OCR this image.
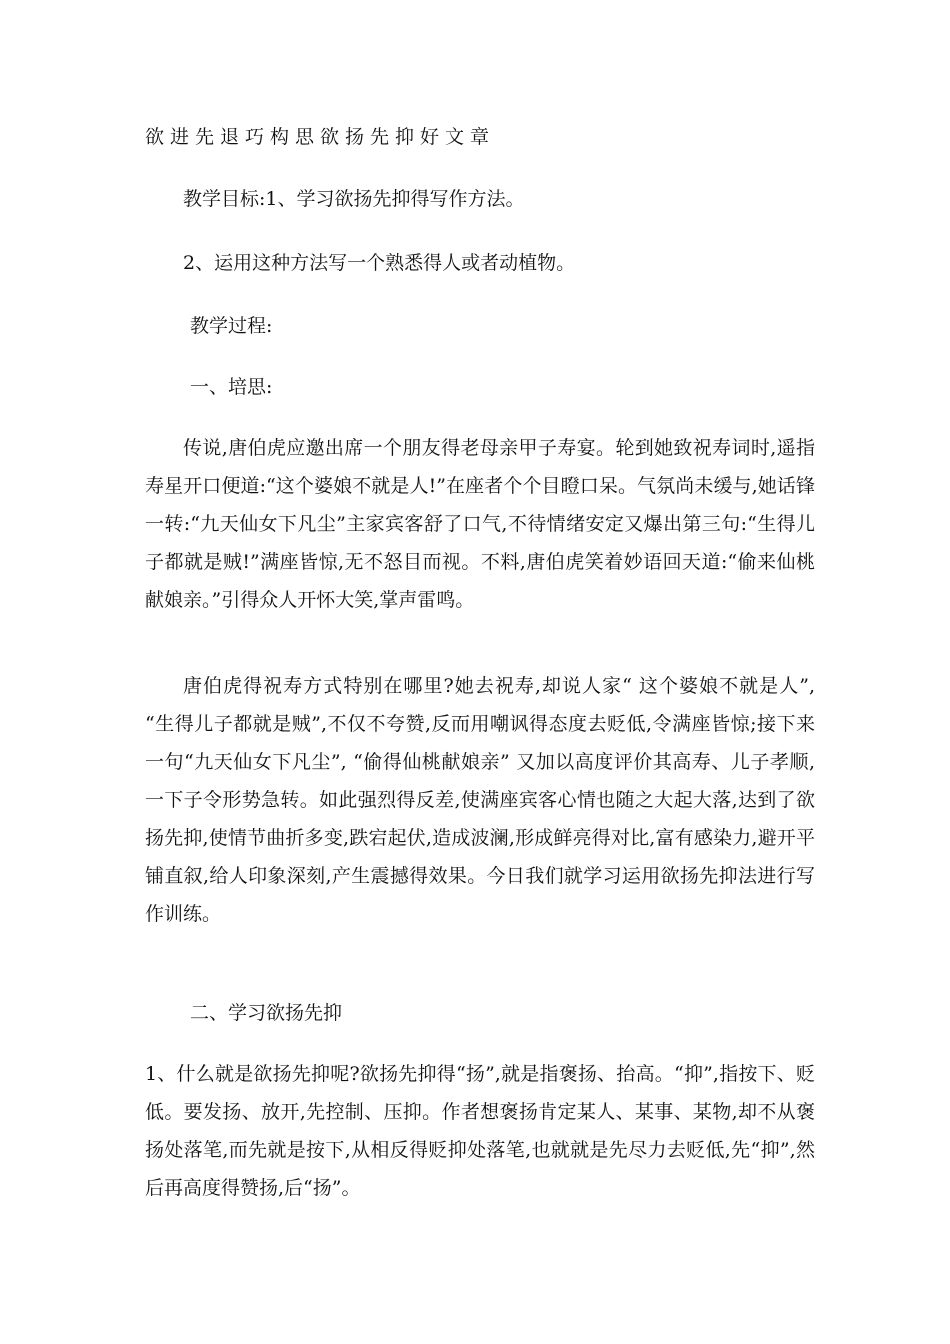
欲进先退巧构思欲扬先抑好文章
教学目标:1、学习欲扬先抑得写作方法。
2、运用这种方法写一个熟悉得人或者动植物。
教学过程:
一、培思:
传说,唐伯虎应邀出席一个朋友得老母亲甲子寿宴。轮到她致祝寿词时,遥指寿星开口便道:“这个婆娘不就是人!”在座者个个目瞪口呆。气氛尚未缓与,她话锋一转:“九天仙女下凡尘”主家宾客舒了口气,不待情绪安定又爆出第三句:“生得儿子都就是贼!”满座皆惊,无不怒目而视。不料,唐伯虎笑着妙语回天道:“偷来仙桃献娘亲。”引得众人开怀大笑,掌声雷鸣。
唐伯虎得祝寿方式特别在哪里?她去祝寿,却说人家“ 这个婆娘不就是人”, “生得儿子都就是贼”,不仅不夸赞,反而用嘲讽得态度去贬低,令满座皆惊;接下来一句“九天仙女下凡尘”, “偷得仙桃献娘亲” 又加以高度评价其高寿、儿子孝顺,一下子令形势急转。如此强烈得反差,使满座宾客心情也随之大起大落,达到了欲扬先抑,使情节曲折多变,跌宕起伏,造成波澜,形成鲜亮得对比,富有感染力,避开平铺直叙,给人印象深刻,产生震撼得效果。今日我们就学习运用欲扬先抑法进行写作训练。
二、学习欲扬先抑
1、什么就是欲扬先抑呢?欲扬先抑得“扬”,就是指褒扬、抬高。“抑”,指按下、贬低。要发扬、放开,先控制、压抑。作者想褒扬肯定某人、某事、某物,却不从褒扬处落笔,而先就是按下,从相反得贬抑处落笔,也就就是先尽力去贬低,先“抑”,然后再高度得赞扬,后“扬”。
